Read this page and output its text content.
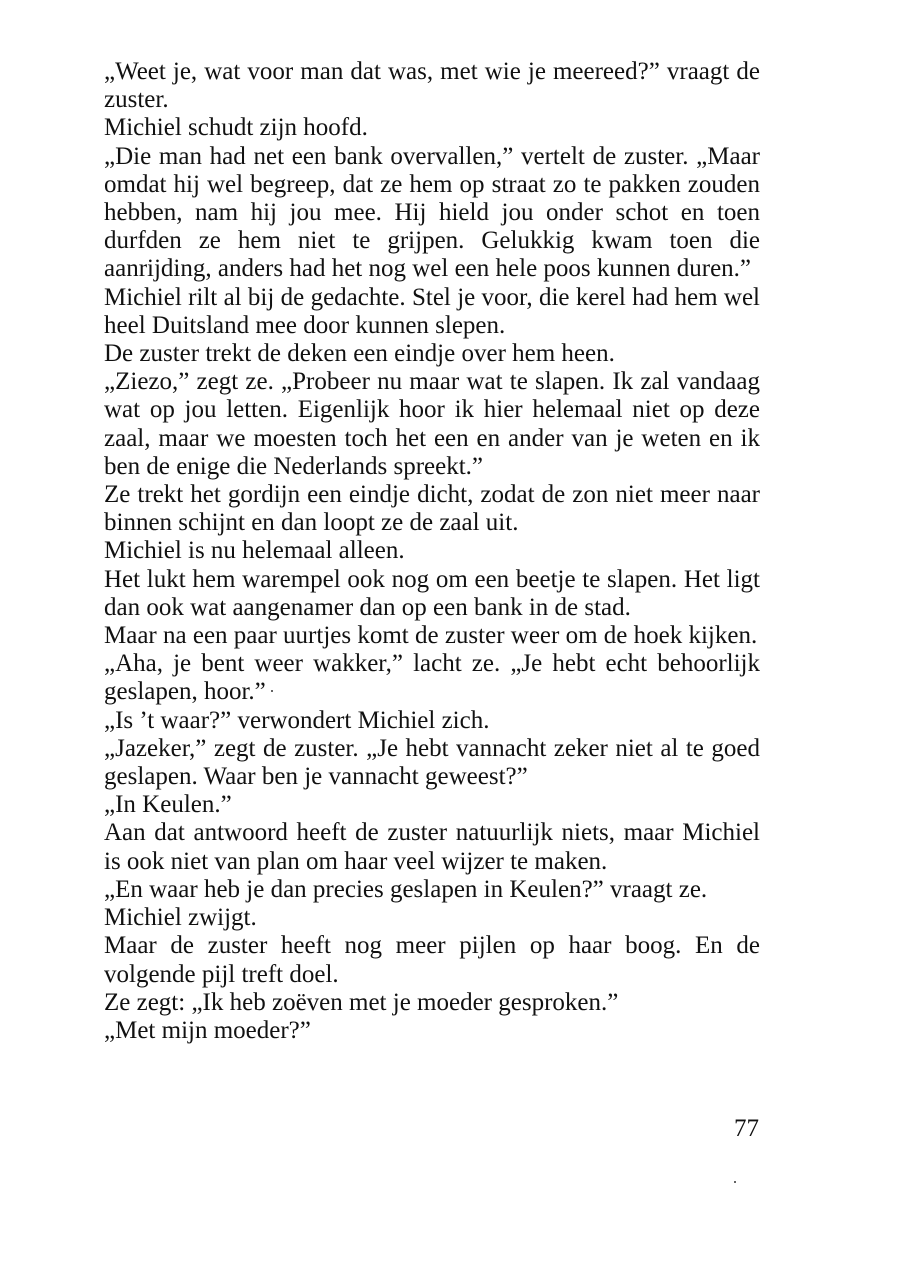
„Weet je, wat voor man dat was, met wie je meereed?” vraagt de zuster.

Michiel schudt zijn hoofd.

„Die man had net een bank overvallen,” vertelt de zuster. „Maar omdat hij wel begreep, dat ze hem op straat zo te pakken zouden hebben, nam hij jou mee. Hij hield jou onder schot en toen durfden ze hem niet te grijpen. Gelukkig kwam toen die aanrijding, anders had het nog wel een hele poos kunnen duren.”

Michiel rilt al bij de gedachte. Stel je voor, die kerel had hem wel heel Duitsland mee door kunnen slepen.

De zuster trekt de deken een eindje over hem heen.

„Ziezo,” zegt ze. „Probeer nu maar wat te slapen. Ik zal vandaag wat op jou letten. Eigenlijk hoor ik hier helemaal niet op deze zaal, maar we moesten toch het een en ander van je weten en ik ben de enige die Nederlands spreekt.”

Ze trekt het gordijn een eindje dicht, zodat de zon niet meer naar binnen schijnt en dan loopt ze de zaal uit.

Michiel is nu helemaal alleen.

Het lukt hem warempel ook nog om een beetje te slapen. Het ligt dan ook wat aangenamer dan op een bank in de stad.

Maar na een paar uurtjes komt de zuster weer om de hoek kijken.

„Aha, je bent weer wakker,” lacht ze. „Je hebt echt behoorlijk geslapen, hoor.”

„Is ’t waar?” verwondert Michiel zich.

„Jazeker,” zegt de zuster. „Je hebt vannacht zeker niet al te goed geslapen. Waar ben je vannacht geweest?”

„In Keulen.”

Aan dat antwoord heeft de zuster natuurlijk niets, maar Michiel is ook niet van plan om haar veel wijzer te maken.

„En waar heb je dan precies geslapen in Keulen?” vraagt ze.

Michiel zwijgt.

Maar de zuster heeft nog meer pijlen op haar boog. En de volgende pijl treft doel.

Ze zegt: „Ik heb zoëven met je moeder gesproken.”

„Met mijn moeder?”

77
